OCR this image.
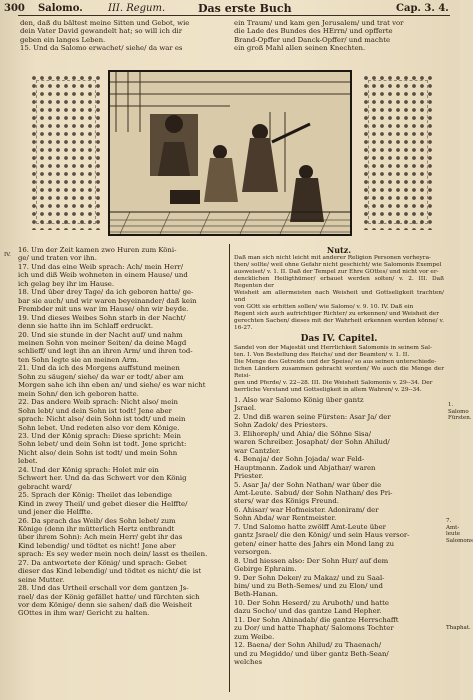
300 Salomo.	III. Regum.	Das erste Buch	Cap. 3. 4.

den, daß du bältest meine Sitten und Gebot, wie

dein Vater David gewandelt hat; so will ich dir

geben ein langes Leben.

15. Und da Salomo erwachet/ siehe/ da war es

ein Traum/ und kam gen Jerusalem/ und trat vor

die Lade des Bundes des HErrn/ und opfferte

Brand-Opffer und Danck-Opffer/ und machte

ein groß Mahl allen seinen Knechten.

IV.

16. Um der Zeit kamen zwo Huren zum Köni-

ge/ und traten vor ihn.

17. Und das eine Weib sprach: Ach/ mein Herr/

ich und diß Weib wohneten in einem Hause/ und

ich gelag bey ihr im Hause.

18. Und über drey Tage/ da ich geboren hatte/ ge-

bar sie auch/ und wir waren beyeinander/ daß kein

Frembder mit uns war im Hause/ ohn wir beyde.

19. Und dieses Weibes Sohn starb in der Nacht/

denn sie hatte ihn im Schlaff erdruckt.

20. Und sie stunde in der Nacht auf/ und nahm

meinen Sohn von meiner Seiten/ da deine Magd

schlieff/ und legt ihn an ihren Arm/ und ihren tod-

ten Sohn legte sie an meinen Arm.

21. Und da ich des Morgens auffstund meinen

Sohn zu säugen/ siehe/ da war er todt/ aber am

Morgen sahe ich ihn eben an/ und siehe/ es war nicht

mein Sohn/ den ich geboren hatte.

22. Das andere Weib sprach: Nicht also/ mein

Sohn lebt/ und dein Sohn ist todt! Jene aber

sprach: Nicht also/ dein Sohn ist todt/ und mein

Sohn lebet. Und redeten also vor dem Könige.

23. Und der König sprach: Diese spricht: Mein

Sohn lebet/ und dein Sohn ist todt. Jene spricht:

Nicht also/ dein Sohn ist todt/ und mein Sohn

lebet.

24. Und der König sprach: Holet mir ein

Schwert her. Und da das Schwert vor den König

gebracht ward/

25. Sprach der König: Theilet das lebendige

Kind in zwey Theil/ und gebet dieser die Helffte/

und jener die Helffte.

26. Da sprach das Weib/ des Sohn lebet/ zum

Könige (denn ihr mütterlich Hertz entbrandt

über ihrem Sohn): Ach mein Herr/ gebt ihr das

Kind lebendig/ und tödtet es nicht! Jene aber

sprach: Es sey weder mein noch dein/ lasst es theilen.

27. Da antwortete der König/ und sprach: Gebet

dieser das Kind lebendig/ und tödtet es nicht/ die ist

seine Mutter.

28. Und das Urtheil erschall vor dem gantzen Js-

rael/ das der König gefället hatte/ und fürchten sich

vor dem Könige/ denn sie sahen/ daß die Weisheit

GOttes in ihm war/ Gericht zu halten.

Nutz.

Daß man sich nicht leicht mit anderer Religion Personen verheyra-

then/ sollte/ weil ohne Gefahr nicht geschicht/ wie Salomonis Exempel

ausweiset/ v. 1. II. Daß der Tempel zur Ehre GOttes/ und nicht vor er-

dencklichen Heiligthümer/ erbauet werden solten/ v. 2. III. Daß Regenten der

Weisheit am allermeisten nach Weisheit und Gottseligkeit trachten/ und

von GOtt sie erbitten sollen/ wie Salomo/ v. 9. 10. IV. Daß ein

Regent sich auch aufrichtiger Richter/ zu erkennen/ und Weisheit der

gerechten Sachen/ dieses mit der Wahrheit erkennen werden könne/ v. 16-27.

Das IV. Capitel.

Sandel von der Majestät und Herrlichkeit Salomonis in seinem Sal-

ten. I. Von Bestellung des Reichs/ und der Beamten/ v. 1. II.

Die Menge des Getreids und der Speise/ so aus seinen unterschiede-

lichen Ländern zusammen gebracht worden/ Wo auch die Menge der Reisi-

gen und Pferde/ v. 22--28. III. Die Weisheit Salomonis v. 29--34. Der

herrliche Verstand und Gottseligkeit in allem Wahren/ v. 29--34.

1. Also war Salomo König über gantz

Jsrael.

2. Und diß waren seine Fürsten: Asar Ja/ der

Sohn Zadok/ des Priesters.

3. Elihoreph/ und Ahia/ die Söhne Sisa/

waren Schreiber. Josaphat/ der Sohn Ahilud/

war Cantzler.

4. Benaja/ der Sohn Jojada/ war Feld-

Hauptmann. Zadok und Abjathar/ waren

Priester.

5. Asar Ja/ der Sohn Nathan/ war über die

Amt-Leute. Sabud/ der Sohn Nathan/ des Pri-

sters/ war des Königs Freund.

6. Ahisar/ war Hofmeister. Adoniram/ der

Sohn Abda/ war Rentmeister.

7. Und Salomo hatte zwölff Amt-Leute über

gantz Jsrael/ die den König/ und sein Haus versor-

geten/ einer hatte des Jahrs ein Mond lang zu

versorgen.

8. Und hiessen also: Der Sohn Hur/ auf dem

Gebirge Ephraim.

9. Der Sohn Deker/ zu Makaz/ und zu Saal-

bim/ und zu Beth-Semes/ und zu Elon/ und

Beth-Hanan.

10. Der Sohn Heserd/ zu Aruboth/ und hatte

dazu Socho/ und das gantze Land Hepher.

11. Der Sohn Abinadab/ die gantze Herrschafft

zu Dor/ und hatte Thaphat/ Salomons Tochter

zum Weibe.

12. Baena/ der Sohn Ahilud/ zu Thaenach/

und zu Megiddo/ und über gantz Beth-Sean/

welches

1. Salomo Fürsten.
7. Amt-leute Salomons
Thaphat.
